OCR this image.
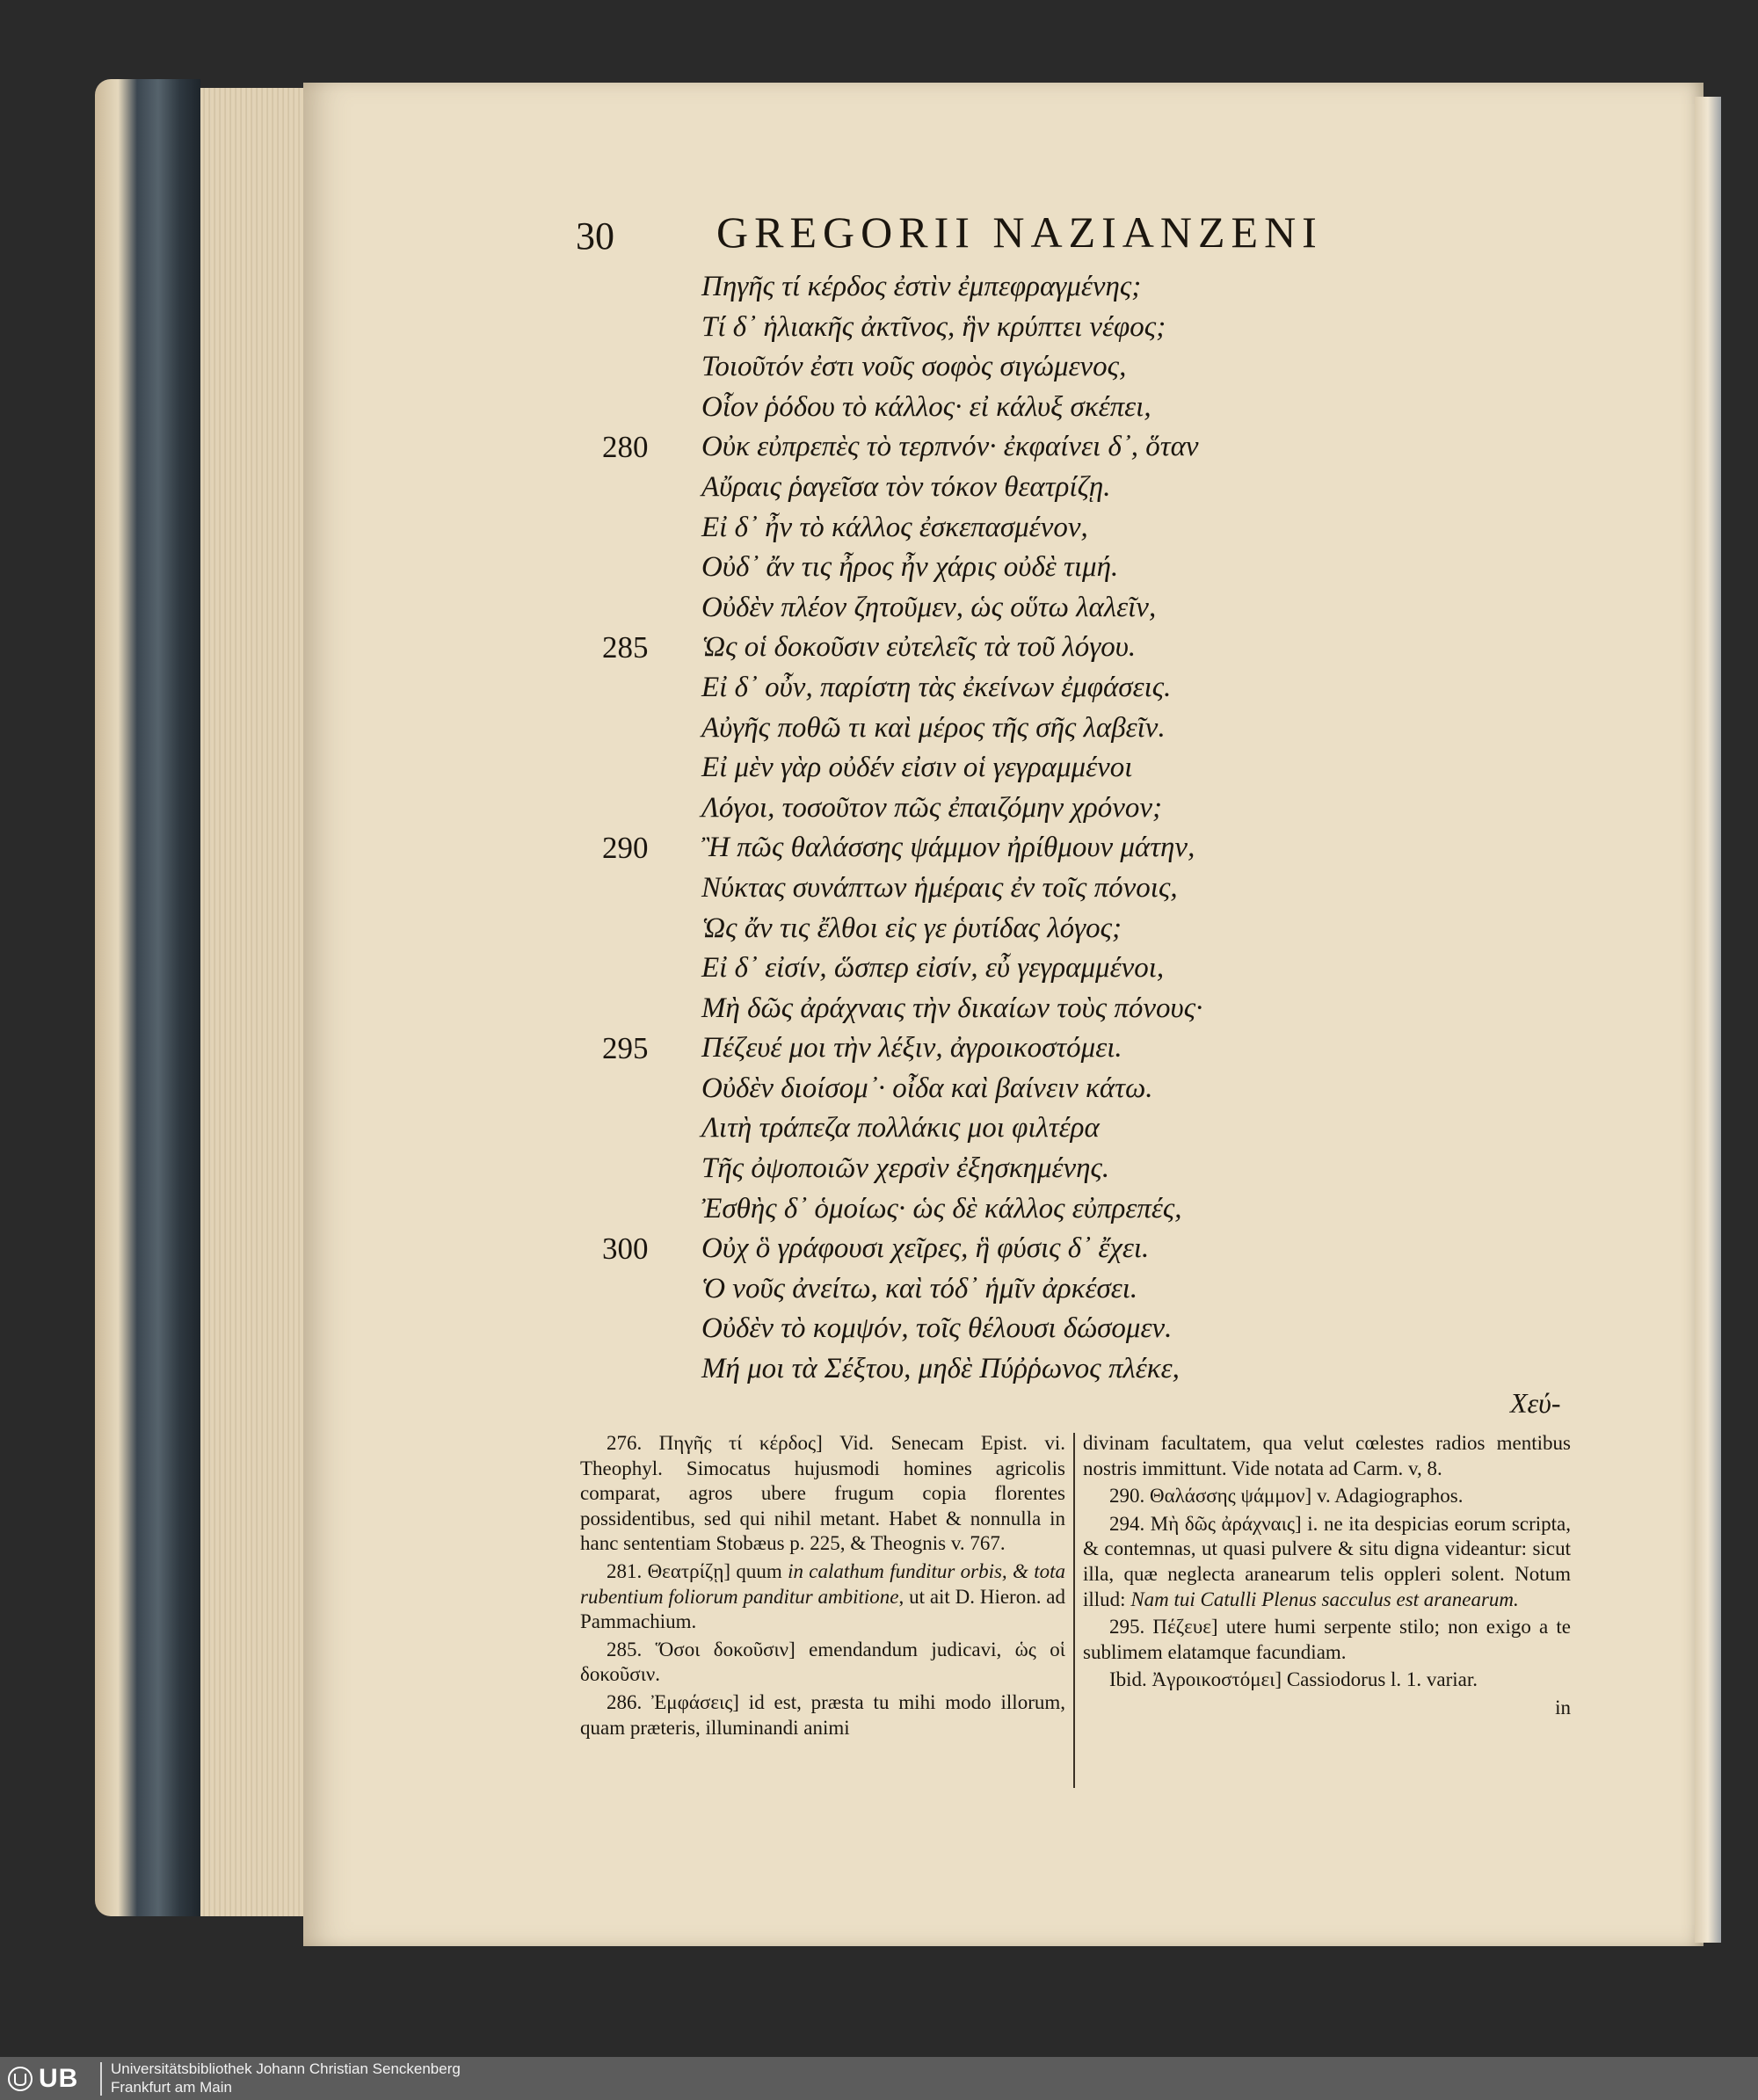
30 GREGORII NAZIANZENI
Πηγῆς τί κέρδος ἐστὶν ἐμπεφραγμένης;
Τί δ᾽ ἡλιακῆς ἀκτῖνος, ἣν κρύπτει νέφος;
Τοιοῦτόν ἐστι νοῦς σοφὸς σιγώμενος,
Οἷον ῥόδου τὸ κάλλος· εἰ κάλυξ σκέπει,
280	Οὐκ εὐπρεπὲς τὸ τερπνόν· ἐκφαίνει δ᾽, ὅταν
Αὔραις ῥαγεῖσα τὸν τόκον θεατρίζῃ.
Εἰ δ᾽ ἦν τὸ κάλλος ἐσκεπασμένον,
Οὐδ᾽ ἄν τις ἦρος ἦν χάρις οὐδὲ τιμή.
Οὐδὲν πλέον ζητοῦμεν, ὡς οὕτω λαλεῖν,
285	Ὡς οἱ δοκοῦσιν εὐτελεῖς τὰ τοῦ λόγου.
Εἰ δ᾽ οὖν, παρίστη τὰς ἐκείνων ἐμφάσεις.
Αὐγῆς ποθῶ τι καὶ μέρος τῆς σῆς λαβεῖν.
Εἰ μὲν γὰρ οὐδέν εἰσιν οἱ γεγραμμένοι
Λόγοι, τοσοῦτον πῶς ἐπαιζόμην χρόνον;
290	Ἢ πῶς θαλάσσης ψάμμον ἠρίθμουν μάτην,
Νύκτας συνάπτων ἡμέραις ἐν τοῖς πόνοις,
Ὡς ἄν τις ἔλθοι εἰς γε ῥυτίδας λόγος;
Εἰ δ᾽ εἰσίν, ὥσπερ εἰσίν, εὖ γεγραμμένοι,
Μὴ δῶς ἀράχναις τὴν δικαίων τοὺς πόνους·
295	Πέζευέ μοι τὴν λέξιν, ἀγροικοστόμει.
Οὐδὲν διοίσομ᾽· οἶδα καὶ βαίνειν κάτω.
Λιτὴ τράπεζα πολλάκις μοι φιλτέρα
Τῆς ὀψοποιῶν χερσὶν ἐξησκημένης.
Ἐσθὴς δ᾽ ὁμοίως· ὡς δὲ κάλλος εὐπρεπές,
300	Οὐχ ὃ γράφουσι χεῖρες, ἣ φύσις δ᾽ ἔχει.
Ὁ νοῦς ἀνείτω, καὶ τόδ᾽ ἡμῖν ἀρκέσει.
Οὐδὲν τὸ κομψόν, τοῖς θέλουσι δώσομεν.
Μή μοι τὰ Σέξτου, μηδὲ Πύῤῥωνος πλέκε,
Χεύ-
276. Πηγῆς τί κέρδος] Vid. Senecam Epist. vi. Theophyl. Simocatus hujusmodi homines agricolis comparat, agros ubere frugum copia florentes possidentibus, sed qui nihil metant. Habet & nonnulla in hanc sententiam Stobæus p. 225, & Theognis v. 767.
281. Θεατρίζῃ] quum in calathum funditur orbis, & tota rubentium foliorum panditur ambitione, ut ait D. Hieron. ad Pammachium.
285. Ὅσοι δοκοῦσιν] emendandum judicavi, ὡς οἱ δοκοῦσιν.
286. Ἐμφάσεις] id est, præsta tu mihi modo illorum, quam præteris, illuminandi animi
divinam facultatem, qua velut cœlestes radios mentibus nostris immittunt. Vide notata ad Carm. v, 8.
290. Θαλάσσης ψάμμον] v. Adagiographos.
294. Μὴ δῶς ἀράχναις] i. ne ita despicias eorum scripta, & contemnas, ut quasi pulvere & situ digna videantur: sicut illa, quæ neglecta aranearum telis oppleri solent. Notum illud: Nam tui Catulli Plenus sacculus est aranearum.
295. Πέζευε] utere humi serpente stilo; non exigo a te sublimem elatamque facundiam.
Ibid. Ἀγροικοστόμει] Cassiodorus l. 1. variar.
in
UB Universitätsbibliothek Johann Christian Senckenberg
Frankfurt am Main
